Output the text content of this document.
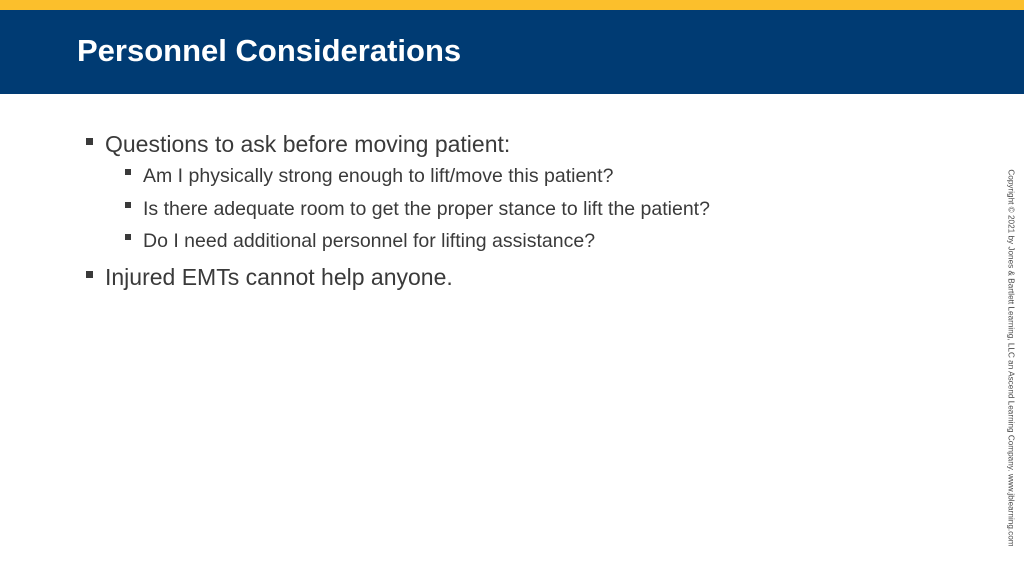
Personnel Considerations
Questions to ask before moving patient:
Am I physically strong enough to lift/move this patient?
Is there adequate room to get the proper stance to lift the patient?
Do I need additional personnel for lifting assistance?
Injured EMTs cannot help anyone.	Copyright © 2021 by Jones & Bartlett Learning, LLC an Ascend Learning Company. www.jblearning.com
